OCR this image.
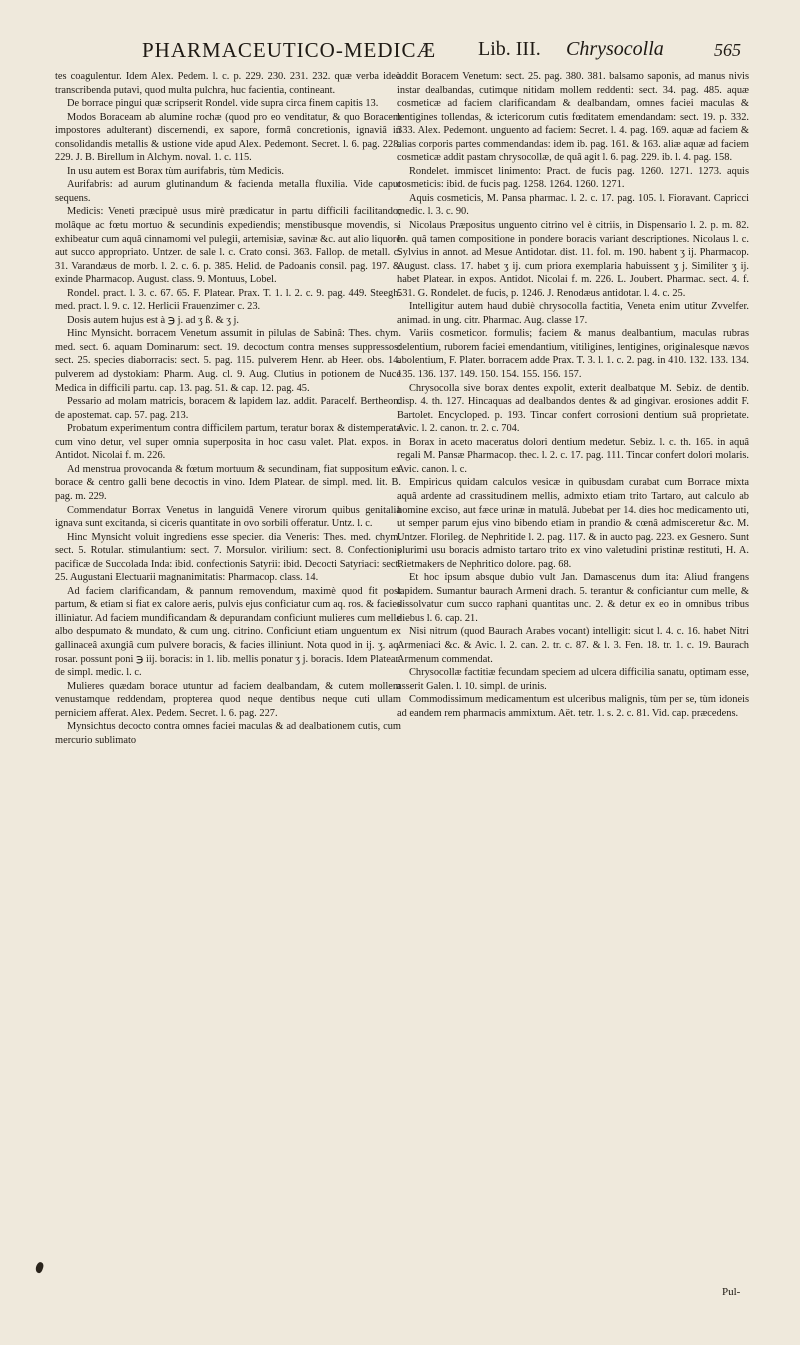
PHARMACEUTICO-MEDICÆ Lib. III. Chrysocolla	565

tes coagulentur. Idem Alex. Pedem. l. c. p. 229. 230. 231. 232. quæ verba ideò transcribenda putavi, quod multa pulchra, huc facientia, contineant.

De borrace pingui quæ scripserit Rondel. vide supra circa finem capitis 13.

Modos Boraceam ab alumine rochæ (quod pro eo venditatur, & quo Boracem impostores adulterant) discernendi, ex sapore, formâ concretionis, ignaviâ in consolidandis metallis & ustione vide apud Alex. Pedemont. Secret. l. 6. pag. 228. 229. J. B. Birellum in Alchym. noval. 1. c. 115.

In usu autem est Borax tùm aurifabris, tùm Medicis.

Aurifabris: ad aurum glutinandum & facienda metalla fluxilia. Vide caput sequens.

Medicis: Veneti præcipuè usus mirè prædicatur in partu difficili facilitando; molâque ac fœtu mortuo & secundinis expediendis; menstibusque movendis, si exhibeatur cum aquâ cinnamomi vel pulegii, artemisiæ, savinæ &c. aut alio liquore aut succo appropriato. Untzer. de sale l. c. Crato consi. 363. Fallop. de metall. c. 31. Varandæus de morb. l. 2. c. 6. p. 385. Helid. de Padoanis consil. pag. 197. & exinde Pharmacop. August. class. 9. Montuus, Lobel.

Rondel. pract. l. 3. c. 67. 65. F. Platear. Prax. T. 1. l. 2. c. 9. pag. 449. Steegh. med. pract. l. 9. c. 12. Herlicii Frauenzimer c. 23.

Dosis autem hujus est à ℈ j. ad ʒ ß. & ʒ j.

Hinc Mynsicht. borracem Venetum assumit in pilulas de Sabinâ: Thes. chym. med. sect. 6. aquam Dominarum: sect. 19. decoctum contra menses suppressos: sect. 25. species diaborracis: sect. 5. pag. 115. pulverem Henr. ab Heer. obs. 14. pulverem ad dystokiam: Pharm. Aug. cl. 9. Aug. Clutius in potionem de Nuce Medica in difficili partu. cap. 13. pag. 51. & cap. 12. pag. 45.

Pessario ad molam matricis, boracem & lapidem laz. addit. Paracelf. Bertheon. de apostemat. cap. 57. pag. 213.

Probatum experimentum contra difficilem partum, teratur borax & distemperata cum vino detur, vel super omnia superposita in hoc casu valet. Plat. expos. in Antidot. Nicolai f. m. 226.

Ad menstrua provocanda & fœtum mortuum & secundinam, fiat suppositum ex borace & centro galli bene decoctis in vino. Idem Platear. de simpl. med. lit. B. pag. m. 229.

Commendatur Borrax Venetus in languidâ Venere virorum quibus genitalia ignava sunt excitanda, si ciceris quantitate in ovo sorbili offeratur. Untz. l. c.

Hinc Mynsicht voluit ingrediens esse specier. dia Veneris: Thes. med. chym. sect. 5. Rotular. stimulantium: sect. 7. Morsulor. virilium: sect. 8. Confectionis pacificæ de Succolada Inda: ibid. confectionis Satyrii: ibid. Decocti Satyriaci: sect. 25. Augustani Electuarii magnanimitatis: Pharmacop. class. 14.

Ad faciem clarificandam, & pannum removendum, maximè quod fit post partum, & etiam si fiat ex calore aeris, pulvis ejus conficiatur cum aq. ros. & facies illiniatur. Ad faciem mundificandam & depurandam conficiunt mulieres cum melle albo despumato & mundato, & cum ung. citrino. Conficiunt etiam unguentum ex gallinaceâ axungiâ cum pulvere boracis, & facies illiniunt. Nota quod in ij. ʒ. aq. rosar. possunt poni ℈ iij. boracis: in 1. lib. mellis ponatur ʒ j. boracis. Idem Platear. de simpl. medic. l. c.

Mulieres quædam borace utuntur ad faciem dealbandam, & cutem mollem venustamque reddendam, propterea quod neque dentibus neque cuti ullam perniciem afferat. Alex. Pedem. Secret. l. 6. pag. 227.

Mynsichtus decocto contra omnes faciei maculas & ad dealbationem cutis, cum mercurio sublimato

addit Boracem Venetum: sect. 25. pag. 380. 381. balsamo saponis, ad manus nivis instar dealbandas, cutimque nitidam mollem reddenti: sect. 34. pag. 485. aquæ cosmeticæ ad faciem clarificandam & dealbandam, omnes faciei maculas & lentigines tollendas, & ictericorum cutis fœditatem emendandam: sect. 19. p. 332. 333. Alex. Pedemont. unguento ad faciem: Secret. l. 4. pag. 169. aquæ ad faciem & alias corporis partes commendandas: idem ib. pag. 161. & 163. aliæ aquæ ad faciem cosmeticæ addit pastam chrysocollæ, de quâ agit l. 6. pag. 229. ib. l. 4. pag. 158.

Rondelet. immiscet linimento: Pract. de fucis pag. 1260. 1271. 1273. aquis cosmeticis: ibid. de fucis pag. 1258. 1264. 1260. 1271.

Aquis cosmeticis, M. Pansa pharmac. l. 2. c. 17. pag. 105. l. Fioravant. Capricci medic. l. 3. c. 90.

Nicolaus Præpositus unguento citrino vel è citriis, in Dispensario l. 2. p. m. 82. In. quâ tamen compositione in pondere boracis variant descriptiones. Nicolaus l. c. Sylvius in annot. ad Mesue Antidotar. dist. 11. fol. m. 190. habent ʒ ij. Pharmacop. August. class. 17. habet ʒ ij. cum priora exemplaria habuissent ʒ j. Similiter ʒ ij. habet Platear. in expos. Antidot. Nicolai f. m. 226. L. Joubert. Pharmac. sect. 4. f. 531. G. Rondelet. de fucis, p. 1246. J. Renodæus antidotar. l. 4. c. 25.

Intelligitur autem haud dubiè chrysocolla factitia, Veneta enim utitur Zvvelfer. animad. in ung. citr. Pharmac. Aug. classe 17.

Variis cosmeticor. formulis; faciem & manus dealbantium, maculas rubras delentium, ruborem faciei emendantium, vitiligines, lentigines, originalesque nævos abolentium, F. Plater. borracem adde Prax. T. 3. l. 1. c. 2. pag. in 410. 132. 133. 134. 135. 136. 137. 149. 150. 154. 155. 156. 157.

Chrysocolla sive borax dentes expolit, exterit dealbatque M. Sebiz. de dentib. disp. 4. th. 127. Hincaquas ad dealbandos dentes & ad gingivar. erosiones addit F. Bartolet. Encycloped. p. 193. Tincar confert corrosioni dentium suâ proprietate. Avic. l. 2. canon. tr. 2. c. 704.

Borax in aceto maceratus dolori dentium medetur. Sebiz. l. c. th. 165. in aquâ regali M. Pansæ Pharmacop. thec. l. 2. c. 17. pag. 111. Tincar confert dolori molaris. Avic. canon. l. c.

Empiricus quidam calculos vesicæ in quibusdam curabat cum Borrace mixta aquâ ardente ad crassitudinem mellis, admixto etiam trito Tartaro, aut calculo ab homine exciso, aut fæce urinæ in matulâ. Jubebat per 14. dies hoc medicamento uti, ut semper parum ejus vino bibendo etiam in prandio & cœnâ admisceretur &c. M. Untzer. Florileg. de Nephritide l. 2. pag. 117. & in aucto pag. 223. ex Gesnero. Sunt plurimi usu boracis admisto tartaro trito ex vino valetudini pristinæ restituti, H. A. Rietmakers de Nephritico dolore. pag. 68.

Et hoc ipsum absque dubio vult Jan. Damascenus dum ita: Aliud frangens lapidem. Sumantur baurach Armeni drach. 5. terantur & conficiantur cum melle, & dissolvatur cum succo raphani quantitas unc. 2. & detur ex eo in omnibus tribus diebus l. 6. cap. 21.

Nisi nitrum (quod Baurach Arabes vocant) intelligit: sicut l. 4. c. 16. habet Nitri Armeniaci &c. & Avic. l. 2. can. 2. tr. c. 87. & l. 3. Fen. 18. tr. 1. c. 19. Baurach Armenum commendat.

Chrysocollæ factitiæ fecundam speciem ad ulcera difficilia sanatu, optimam esse, asserit Galen. l. 10. simpl. de urinis.

Commodissimum medicamentum est ulceribus malignis, tùm per se, tùm idoneis ad eandem rem pharmacis ammixtum. Aët. tetr. 1. s. 2. c. 81. Vid. cap. præcedens.

Pul-
